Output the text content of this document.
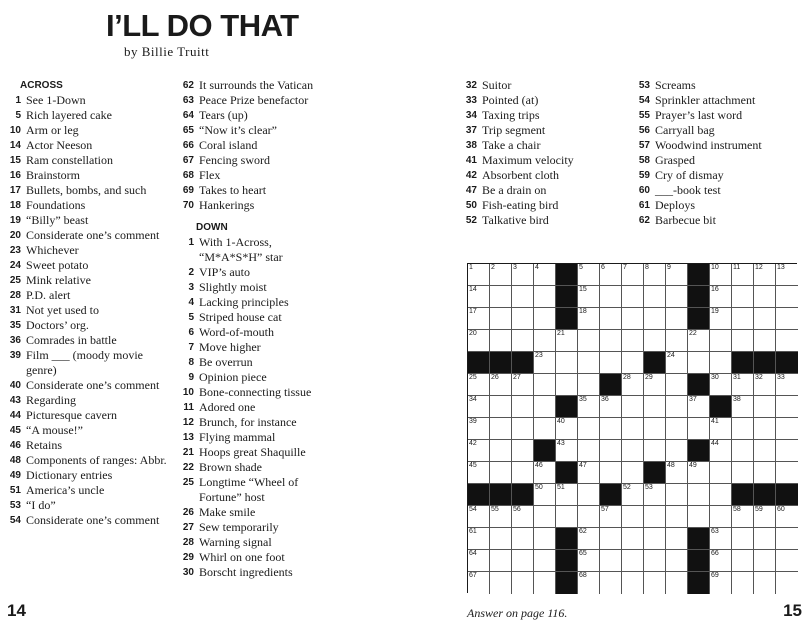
I’LL DO THAT
by Billie Truitt
ACROSS
1 See 1-Down
5 Rich layered cake
10 Arm or leg
14 Actor Neeson
15 Ram constellation
16 Brainstorm
17 Bullets, bombs, and such
18 Foundations
19 “Billy” beast
20 Considerate one’s comment
23 Whichever
24 Sweet potato
25 Mink relative
28 P.D. alert
31 Not yet used to
35 Doctors’ org.
36 Comrades in battle
39 Film ___ (moody movie genre)
40 Considerate one’s comment
43 Regarding
44 Picturesque cavern
45 “A mouse!”
46 Retains
48 Components of ranges: Abbr.
49 Dictionary entries
51 America’s uncle
53 “I do”
54 Considerate one’s comment
62 It surrounds the Vatican
63 Peace Prize benefactor
64 Tears (up)
65 “Now it’s clear”
66 Coral island
67 Fencing sword
68 Flex
69 Takes to heart
70 Hankerings
DOWN
1 With 1-Across, “M*A*S*H” star
2 VIP’s auto
3 Slightly moist
4 Lacking principles
5 Striped house cat
6 Word-of-mouth
7 Move higher
8 Be overrun
9 Opinion piece
10 Bone-connecting tissue
11 Adored one
12 Brunch, for instance
13 Flying mammal
21 Hoops great Shaquille
22 Brown shade
25 Longtime “Wheel of Fortune” host
26 Make smile
27 Sew temporarily
28 Warning signal
29 Whirl on one foot
30 Borscht ingredients
32 Suitor
33 Pointed (at)
34 Taxing trips
37 Trip segment
38 Take a chair
41 Maximum velocity
42 Absorbent cloth
47 Be a drain on
50 Fish-eating bird
52 Talkative bird
53 Screams
54 Sprinkler attachment
55 Prayer’s last word
56 Carryall bag
57 Woodwind instrument
58 Grasped
59 Cry of dismay
60 ___-book test
61 Deploys
62 Barbecue bit
1	2	3	4	5	6	7	8	9	10 11 12 13
14	15	16
17	18	19
20	21	22
23	24
25 26 27	28 29	30 31 32 33
34	35 36	37	38
39	40	41
42	43	44
45	46	47	48 49
50 51	52 53
54 55 56	57	58 59 60
61	62	63
64	65	66
67	68	69
14	Answer on page 116.	15
